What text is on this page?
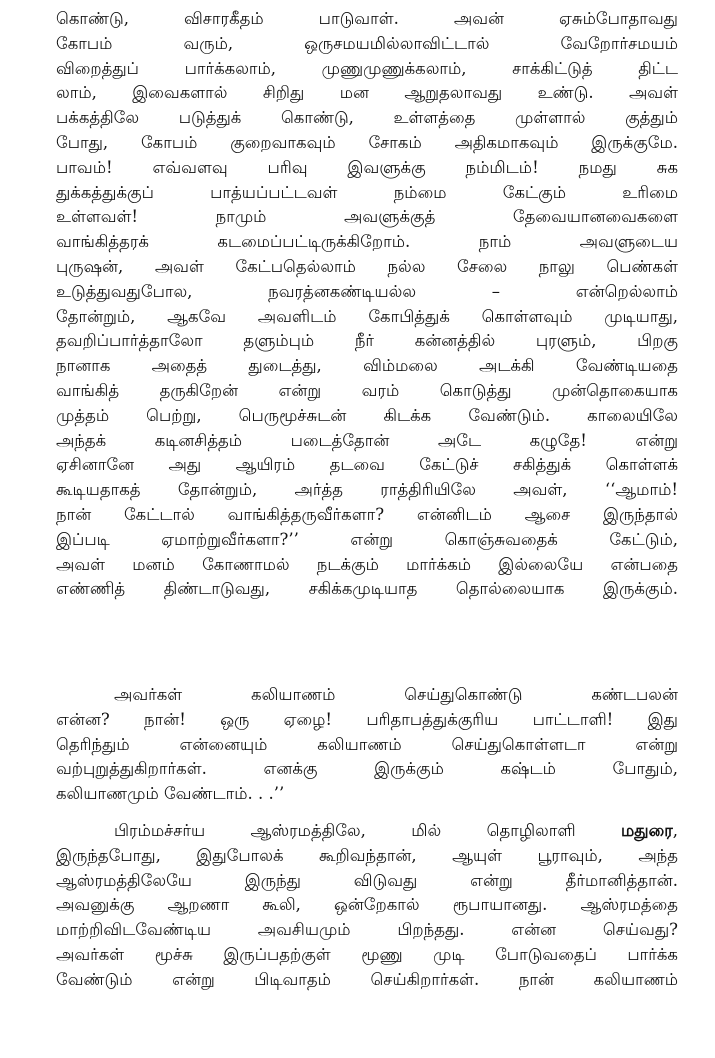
கொண்டு, விசாரகீதம் பாடுவாள். அவன் ஏசும்போதாவது
கோபம் வரும், ஒருசமயமில்லாவிட்டால் வேறோர்சமயம்
விறைத்துப் பார்க்கலாம், முணுமுணுக்கலாம், சாக்கிட்டுத் திட்ட
லாம், இவைகளால் சிறிது மன ஆறுதலாவது உண்டு. அவள்
பக்கத்திலே படுத்துக் கொண்டு, உள்ளத்தை முள்ளால் குத்தும்
போது, கோபம் குறைவாகவும் சோகம் அதிகமாகவும் இருக்குமே.
பாவம்! எவ்வளவு பரிவு இவளுக்கு நம்மிடம்! நமது சுக
துக்கத்துக்குப் பாத்யப்பட்டவள் நம்மை கேட்கும் உரிமை
உள்ளவள்! நாமும் அவளுக்குத் தேவையானவைகளை
வாங்கித்தரக் கடமைப்பட்டிருக்கிறோம். நாம் அவளுடைய
புருஷன், அவள் கேட்பதெல்லாம் நல்ல சேலை நாலு பெண்கள்
உடுத்துவதுபோல, நவரத்னகண்டியல்ல – என்றெல்லாம்
தோன்றும், ஆகவே அவளிடம் கோபித்துக் கொள்ளவும் முடியாது,
தவறிப்பார்த்தாலோ தளும்பும் நீர் கன்னத்தில் புரளும், பிறகு
நானாக அதைத் துடைத்து, விம்மலை அடக்கி வேண்டியதை
வாங்கித் தருகிறேன் என்று வரம் கொடுத்து முன்தொகையாக
முத்தம் பெற்று, பெருமூச்சுடன் கிடக்க வேண்டும். காலையிலே
அந்தக் கடினசித்தம் படைத்தோன் அடே கழுதே! என்று
ஏசினானே அது ஆயிரம் தடவை கேட்டுச் சகித்துக் கொள்ளக்
கூடியதாகத் தோன்றும், அர்த்த ராத்திரியிலே அவள், ‘‘ஆமாம்!
நான் கேட்டால் வாங்கித்தருவீர்களா? என்னிடம் ஆசை இருந்தால்
இப்படி ஏமாற்றுவீர்களா?’’ என்று கொஞ்சுவதைக் கேட்டும்,
அவள் மனம் கோணாமல் நடக்கும் மார்க்கம் இல்லையே என்பதை
எண்ணித் திண்டாடுவது, சகிக்கமுடியாத தொல்லையாக இருக்கும்.
அவர்கள் கலியாணம் செய்துகொண்டு கண்டபலன்
என்ன? நான்! ஒரு ஏழை! பரிதாபத்துக்குரிய பாட்டாளி! இது
தெரிந்தும் என்னையும் கலியாணம் செய்துகொள்ளடா என்று
வற்புறுத்துகிறார்கள். எனக்கு இருக்கும் கஷ்டம் போதும்,
கலியாணமும் வேண்டாம். . .’’
பிரம்மச்சர்ய ஆஸ்ரமத்திலே, மில் தொழிலாளி மதுரை,
இருந்தபோது, இதுபோலக் கூறிவந்தான், ஆயுள் பூராவும், அந்த
ஆஸ்ரமத்திலேயே இருந்து விடுவது என்று தீர்மானித்தான்.
அவனுக்கு ஆறணா கூலி, ஒன்றேகால் ரூபாயானது. ஆஸ்ரமத்தை
மாற்றிவிடவேண்டிய அவசியமும் பிறந்தது. என்ன செய்வது?
அவர்கள் மூச்சு இருப்பதற்குள் மூணு முடி போடுவதைப் பார்க்க
வேண்டும் என்று பிடிவாதம் செய்கிறார்கள். நான் கலியாணம்
